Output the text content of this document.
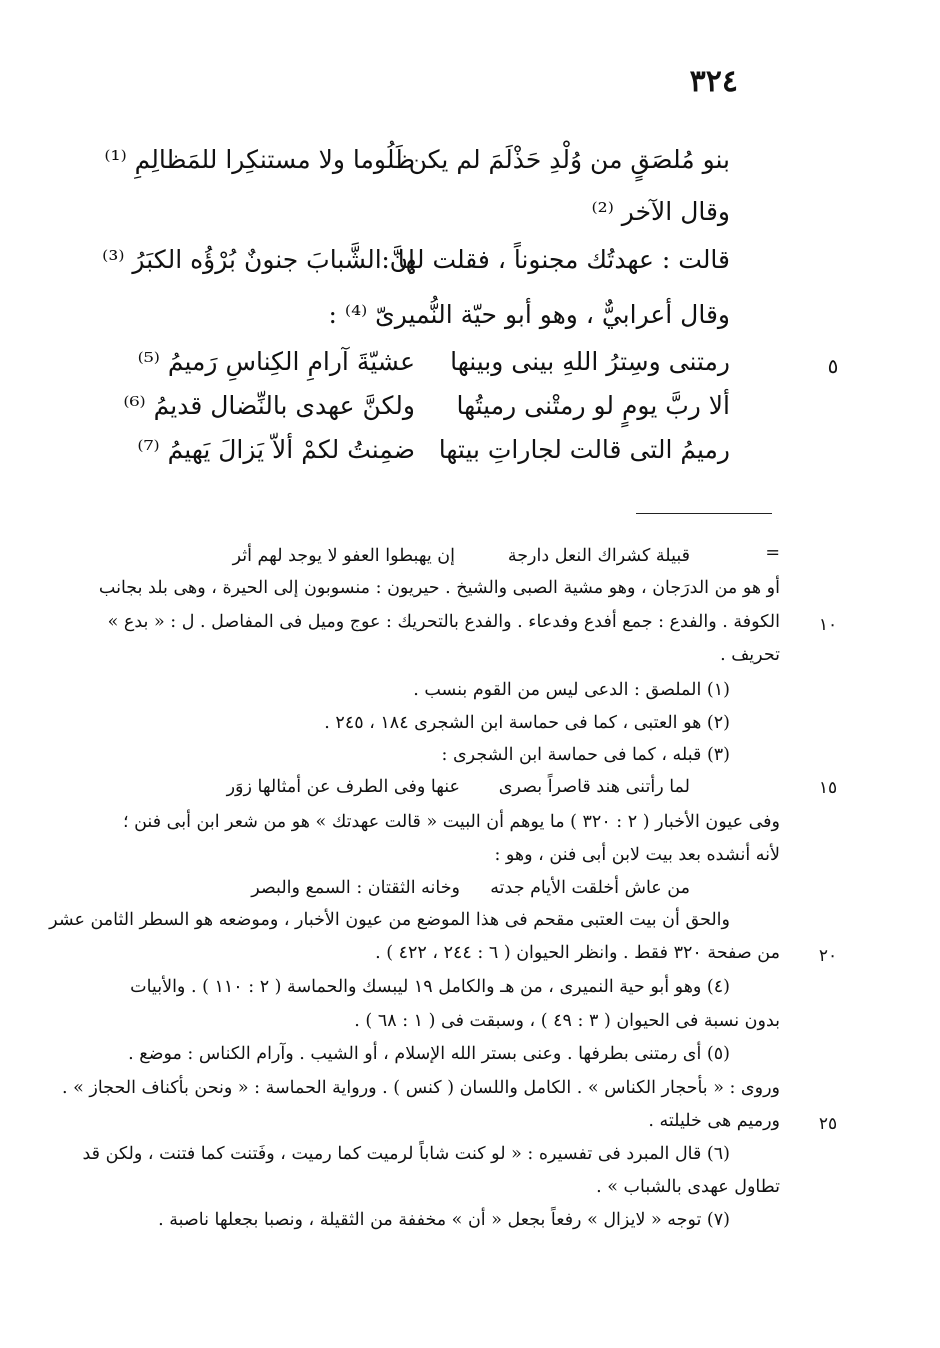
٣٢٤
بنو مُلصَقٍ من وُلْدِ حَذْلَمَ لم يكن
ظَلُوما ولا مستنكِرا للمَظالِمِ ⁽¹⁾
وقال الآخر ⁽²⁾
قالت : عهدتُك مجنوناً ، فقلت لها :
إنَّ الشَّبابَ جنونٌ بُرْؤُه الكبَرُ ⁽³⁾
وقال أعرابيٌّ ، وهو أبو حيّة النُّميرىّ ⁽⁴⁾ :
٥
رمتنى وسِترُ اللهِ بينى وبينها
عشيّةَ آرامِ الكِناسِ رَميمُ ⁽⁵⁾
ألا ربَّ يومٍ لو رمتْنى رميتُها
ولكنَّ عهدى بالنِّضال قديمُ ⁽⁶⁾
رميمُ التى قالت لجاراتِ بيتها
ضمِنتُ لكمْ ألاّ يَزالَ يَهيمُ ⁽⁷⁾
=
قبيلة كشراك النعل دارجة
إن يهبطوا العفو لا يوجد لهم أثر
أو هو من الدرَجان ، وهو مشية الصبى والشيخ . حيريون : منسوبون إلى الحيرة ، وهى بلد بجانب
١٠
الكوفة . والفدع : جمع أفدع وفدعاء . والفدع بالتحريك : عوج وميل فى المفاصل . ل : « بدع »
تحريف .
(١) الملصق : الدعى ليس من القوم بنسب .
(٢) هو العتبى ، كما فى حماسة ابن الشجرى ١٨٤ ، ٢٤٥ .
(٣) قبله ، كما فى حماسة ابن الشجرى :
١٥
لما رأتنى هند قاصراً بصرى
عنها وفى الطرف عن أمثالها زوَر
وفى عيون الأخبار ( ٢ : ٣٢٠ ) ما يوهم أن البيت « قالت عهدتك » هو من شعر ابن أبى فنن ؛
لأنه أنشده بعد بيت لابن أبى فنن ، وهو :
من عاش أخلقت الأيام جدته
وخانه الثقتان : السمع والبصر
والحق أن بيت العتبى مقحم فى هذا الموضع من عيون الأخبار ، وموضعه هو السطر الثامن عشر
٢٠
من صفحة ٣٢٠ فقط . وانظر الحيوان ( ٦ : ٢٤٤ ، ٤٢٢ ) .
(٤) وهو أبو حية النميرى ، من هـ والكامل ١٩ ليبسك والحماسة ( ٢ : ١١٠ ) . والأبيات
بدون نسبة فى الحيوان ( ٣ : ٤٩ ) ، وسبقت فى ( ١ : ٦٨ ) .
(٥) أى رمتنى بطرفها . وعنى بستر الله الإسلام ، أو الشيب . وآرام الكناس : موضع .
وروى : « بأحجار الكناس » . الكامل واللسان ( كنس ) . ورواية الحماسة : « ونحن بأكناف الحجاز » .
٢٥
ورميم هى خليلته .
(٦) قال المبرد فى تفسيره : « لو كنت شاباً لرميت كما رميت ، وفَتنت كما فتنت ، ولكن قد
تطاول عهدى بالشباب » .
(٧) توجه « لايزال » رفعاً بجعل « أن » مخففة من الثقيلة ، ونصبا بجعلها ناصبة .
